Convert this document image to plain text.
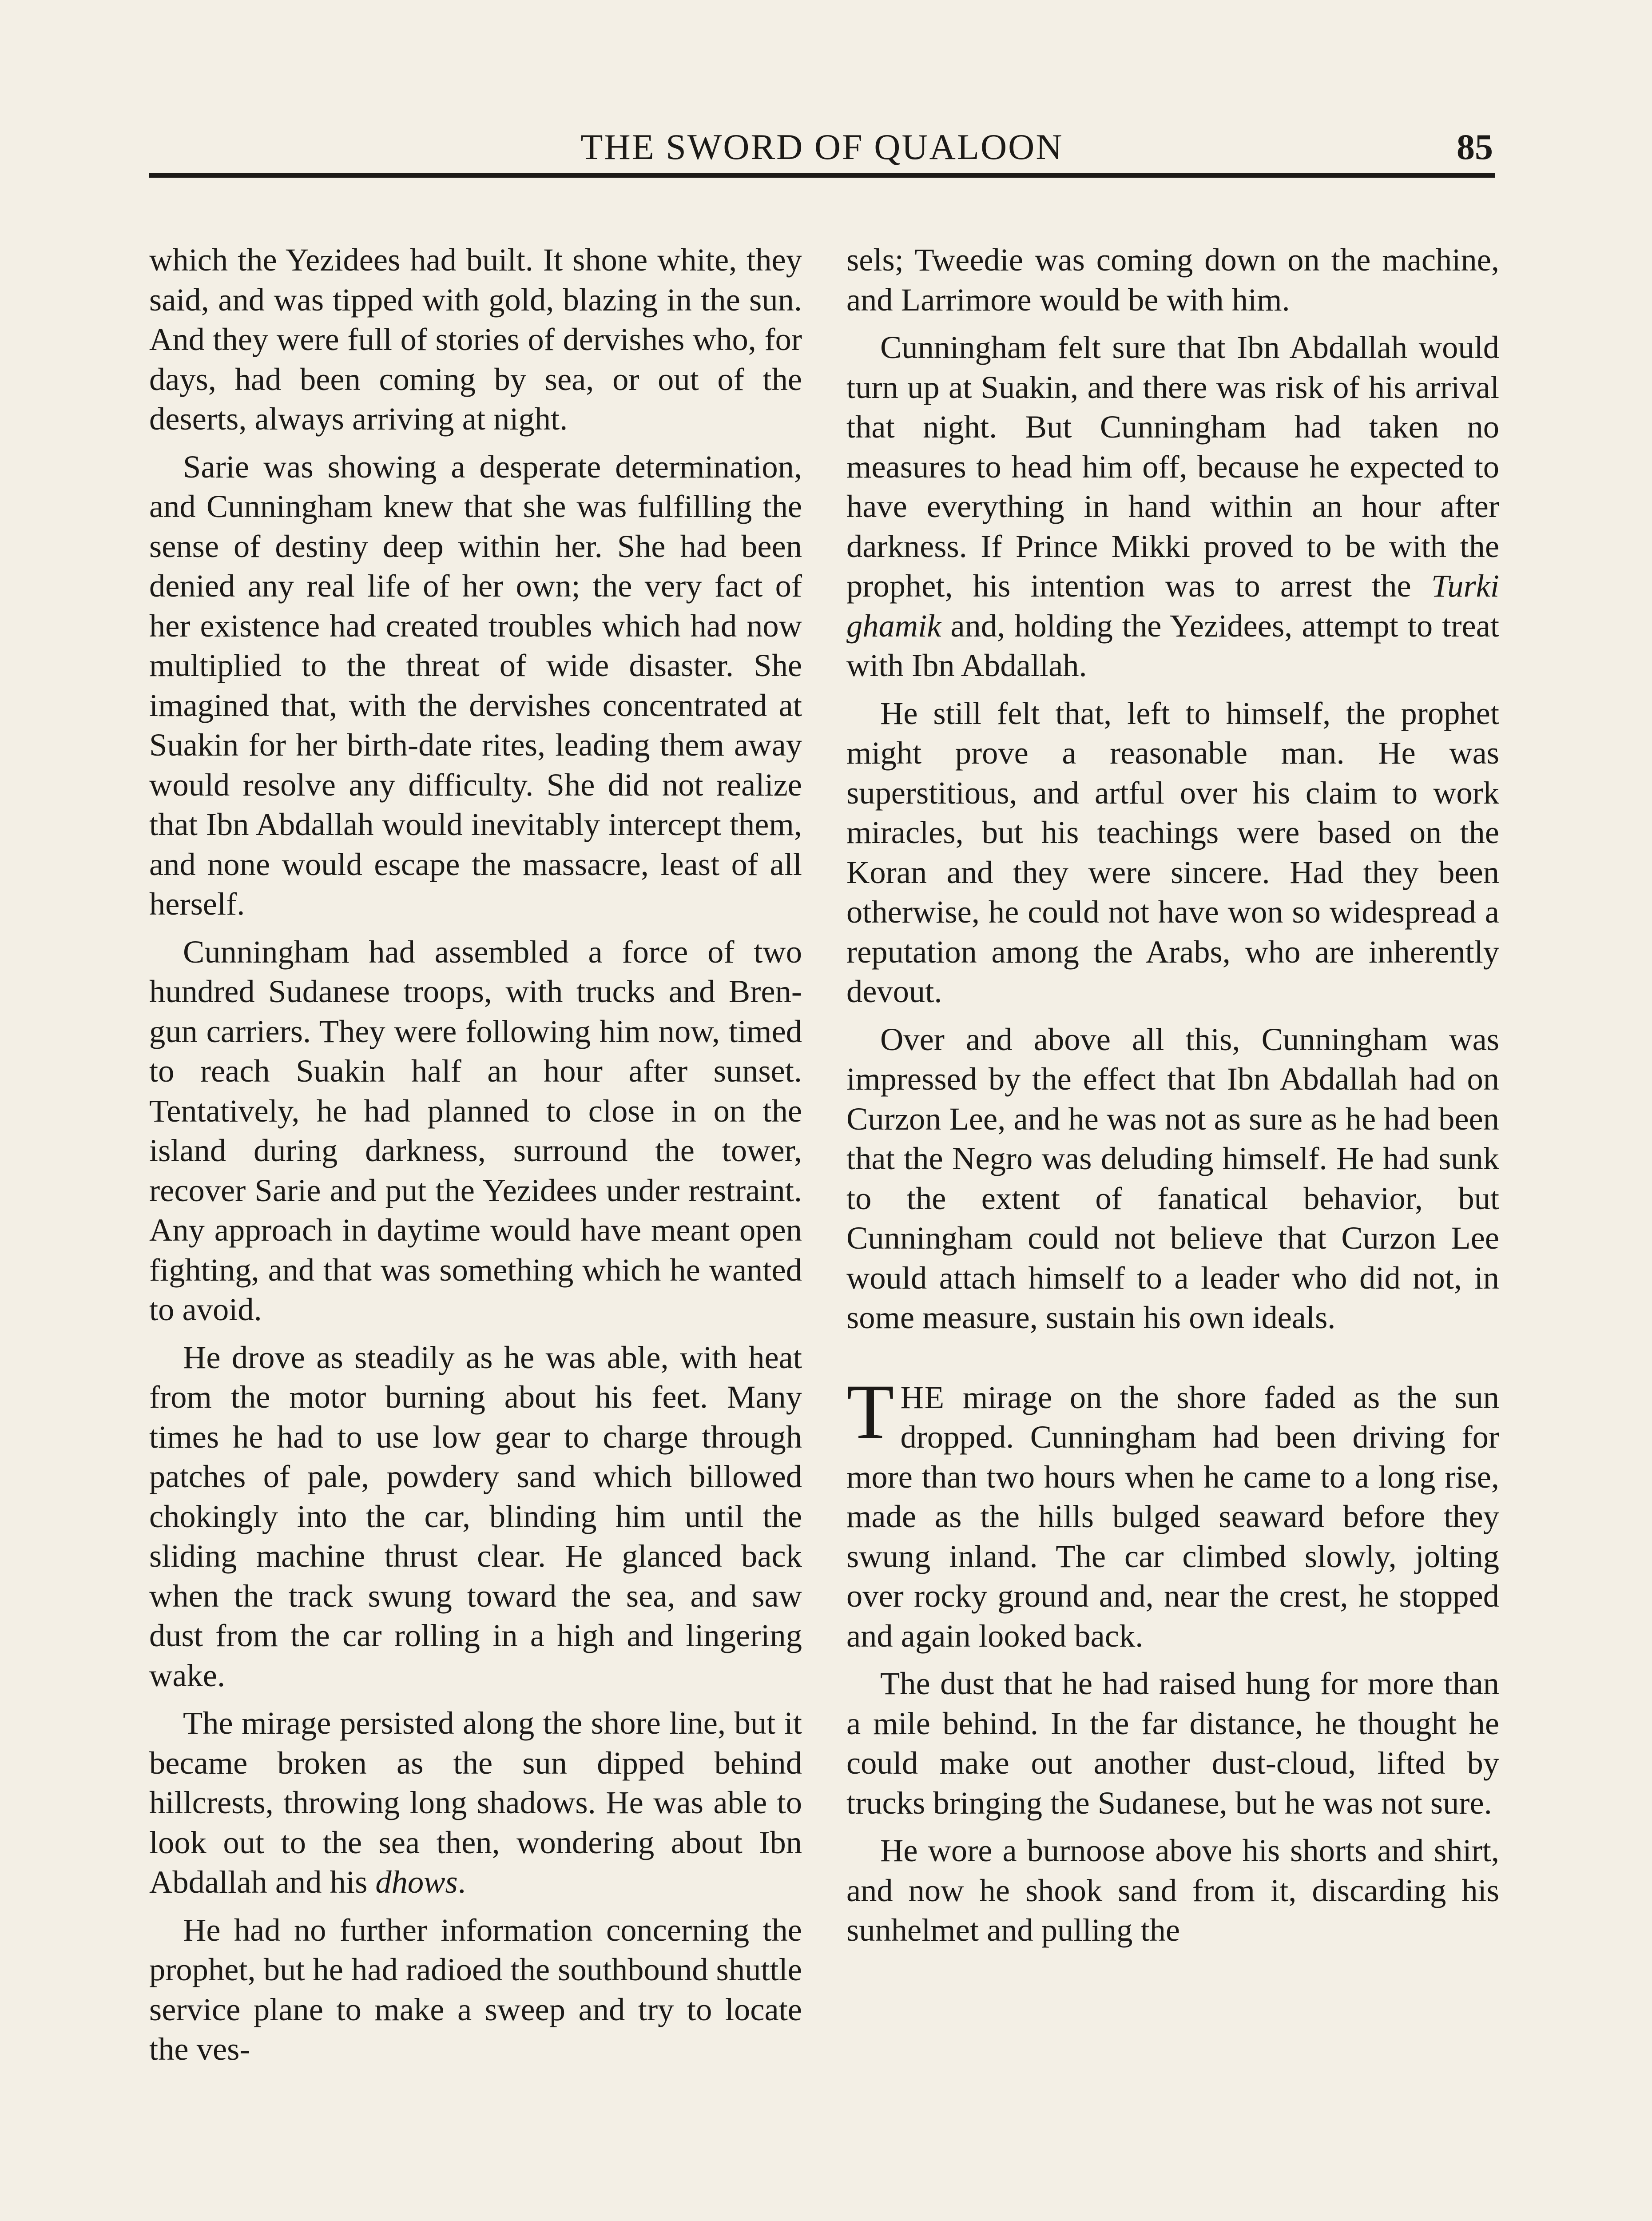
THE SWORD OF QUALOON	85

which the Yezidees had built. It shone white, they said, and was tipped with gold, blazing in the sun. And they were full of stories of dervishes who, for days, had been coming by sea, or out of the deserts, always arriving at night.

Sarie was showing a desperate determination, and Cunningham knew that she was fulfilling the sense of destiny deep within her. She had been denied any real life of her own; the very fact of her existence had created troubles which had now multiplied to the threat of wide disaster. She imagined that, with the dervishes concentrated at Suakin for her birth-date rites, leading them away would resolve any difficulty. She did not realize that Ibn Abdallah would inevitably intercept them, and none would escape the massacre, least of all herself.

Cunningham had assembled a force of two hundred Sudanese troops, with trucks and Bren-gun carriers. They were following him now, timed to reach Suakin half an hour after sunset. Tentatively, he had planned to close in on the island during darkness, surround the tower, recover Sarie and put the Yezidees under restraint. Any approach in daytime would have meant open fighting, and that was something which he wanted to avoid.

He drove as steadily as he was able, with heat from the motor burning about his feet. Many times he had to use low gear to charge through patches of pale, powdery sand which billowed chokingly into the car, blinding him until the sliding machine thrust clear. He glanced back when the track swung toward the sea, and saw dust from the car rolling in a high and lingering wake.

The mirage persisted along the shore line, but it became broken as the sun dipped behind hillcrests, throwing long shadows. He was able to look out to the sea then, wondering about Ibn Abdallah and his dhows.

He had no further information concerning the prophet, but he had radioed the southbound shuttle service plane to make a sweep and try to locate the ves-

sels; Tweedie was coming down on the machine, and Larrimore would be with him.

Cunningham felt sure that Ibn Abdallah would turn up at Suakin, and there was risk of his arrival that night. But Cunningham had taken no measures to head him off, because he expected to have everything in hand within an hour after darkness. If Prince Mikki proved to be with the prophet, his intention was to arrest the Turki ghamik and, holding the Yezidees, attempt to treat with Ibn Abdallah.

He still felt that, left to himself, the prophet might prove a reasonable man. He was superstitious, and artful over his claim to work miracles, but his teachings were based on the Koran and they were sincere. Had they been otherwise, he could not have won so widespread a reputation among the Arabs, who are inherently devout.

Over and above all this, Cunningham was impressed by the effect that Ibn Abdallah had on Curzon Lee, and he was not as sure as he had been that the Negro was deluding himself. He had sunk to the extent of fanatical behavior, but Cunningham could not believe that Curzon Lee would attach himself to a leader who did not, in some measure, sustain his own ideals.

THE mirage on the shore faded as the sun dropped. Cunningham had been driving for more than two hours when he came to a long rise, made as the hills bulged seaward before they swung inland. The car climbed slowly, jolting over rocky ground and, near the crest, he stopped and again looked back.

The dust that he had raised hung for more than a mile behind. In the far distance, he thought he could make out another dust-cloud, lifted by trucks bringing the Sudanese, but he was not sure.

He wore a burnoose above his shorts and shirt, and now he shook sand from it, discarding his sunhelmet and pulling the
